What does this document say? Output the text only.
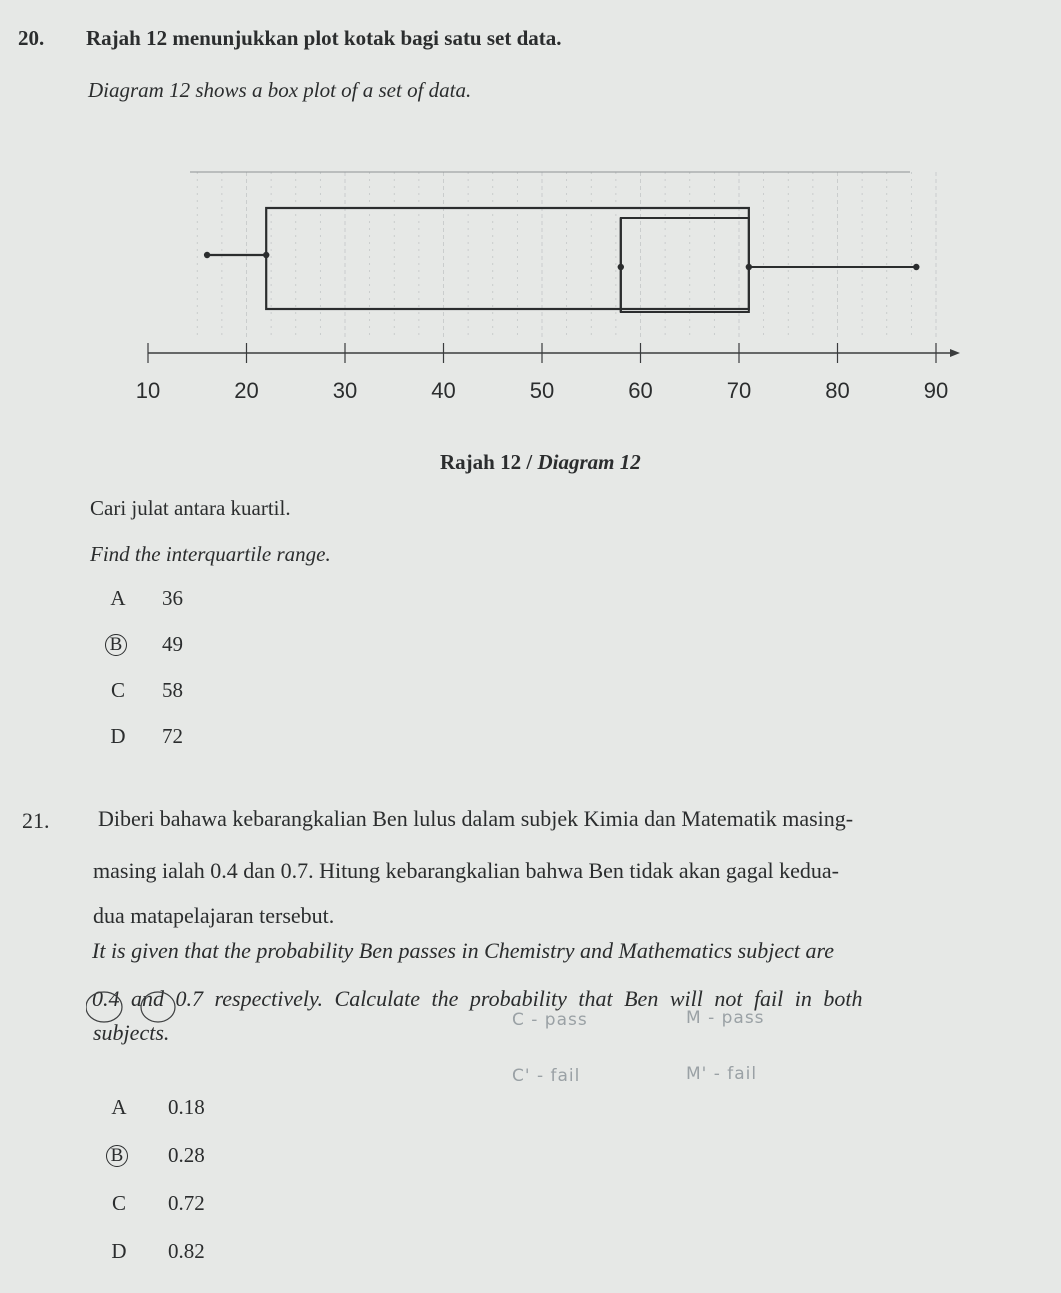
20. Rajah 12 menunjukkan plot kotak bagi satu set data.
Diagram 12 shows a box plot of a set of data.
10	20	30	40	50	60	70	80	90
Rajah 12 / Diagram 12
Cari julat antara kuartil.
Find the interquartile range.
A 36
B 49
C 58
D 72
21. Diberi bahawa kebarangkalian Ben lulus dalam subjek Kimia dan Matematik masing-
masing ialah 0.4 dan 0.7. Hitung kebarangkalian bahwa Ben tidak akan gagal kedua-
dua matapelajaran tersebut.
It is given that the probability Ben passes in Chemistry and Mathematics subject are
0.4 and 0.7 respectively. Calculate the probability that Ben will not fail in both
subjects.	C - pass	M - pass
C' - fail	M' - fail
A 0.18
B 0.28
C 0.72
D 0.82
